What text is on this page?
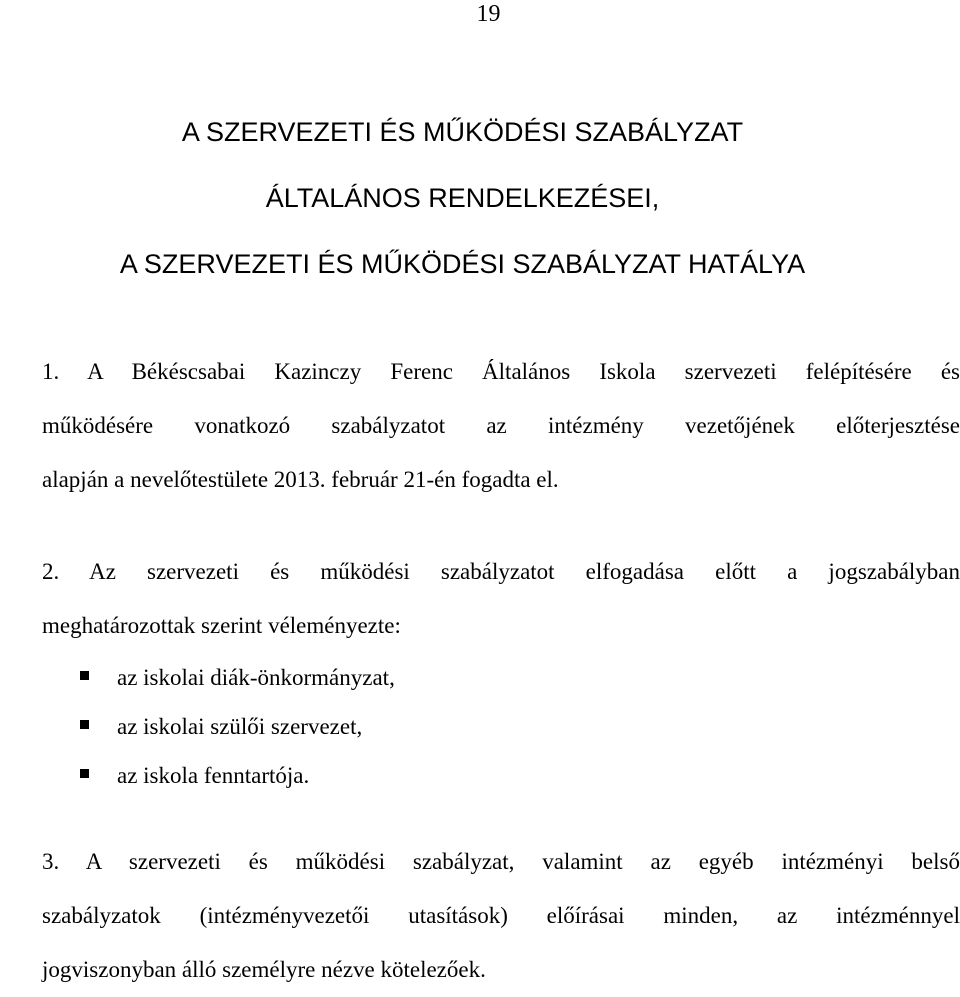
19
A SZERVEZETI ÉS MŰKÖDÉSI SZABÁLYZAT
ÁLTALÁNOS RENDELKEZÉSEI,
A SZERVEZETI ÉS MŰKÖDÉSI SZABÁLYZAT HATÁLYA
1. A Békéscsabai Kazinczy Ferenc Általános Iskola szervezeti felépítésére és
működésére vonatkozó szabályzatot az intézmény vezetőjének előterjesztése
alapján a nevelőtestülete 2013. február 21-én fogadta el.
2. Az szervezeti és működési szabályzatot elfogadása előtt a jogszabályban
meghatározottak szerint véleményezte:
az iskolai diák-önkormányzat,
az iskolai szülői szervezet,
az iskola fenntartója.
3. A szervezeti és működési szabályzat, valamint az egyéb intézményi belső
szabályzatok (intézményvezetői utasítások) előírásai minden, az intézménnyel
jogviszonyban álló személyre nézve kötelezőek.
